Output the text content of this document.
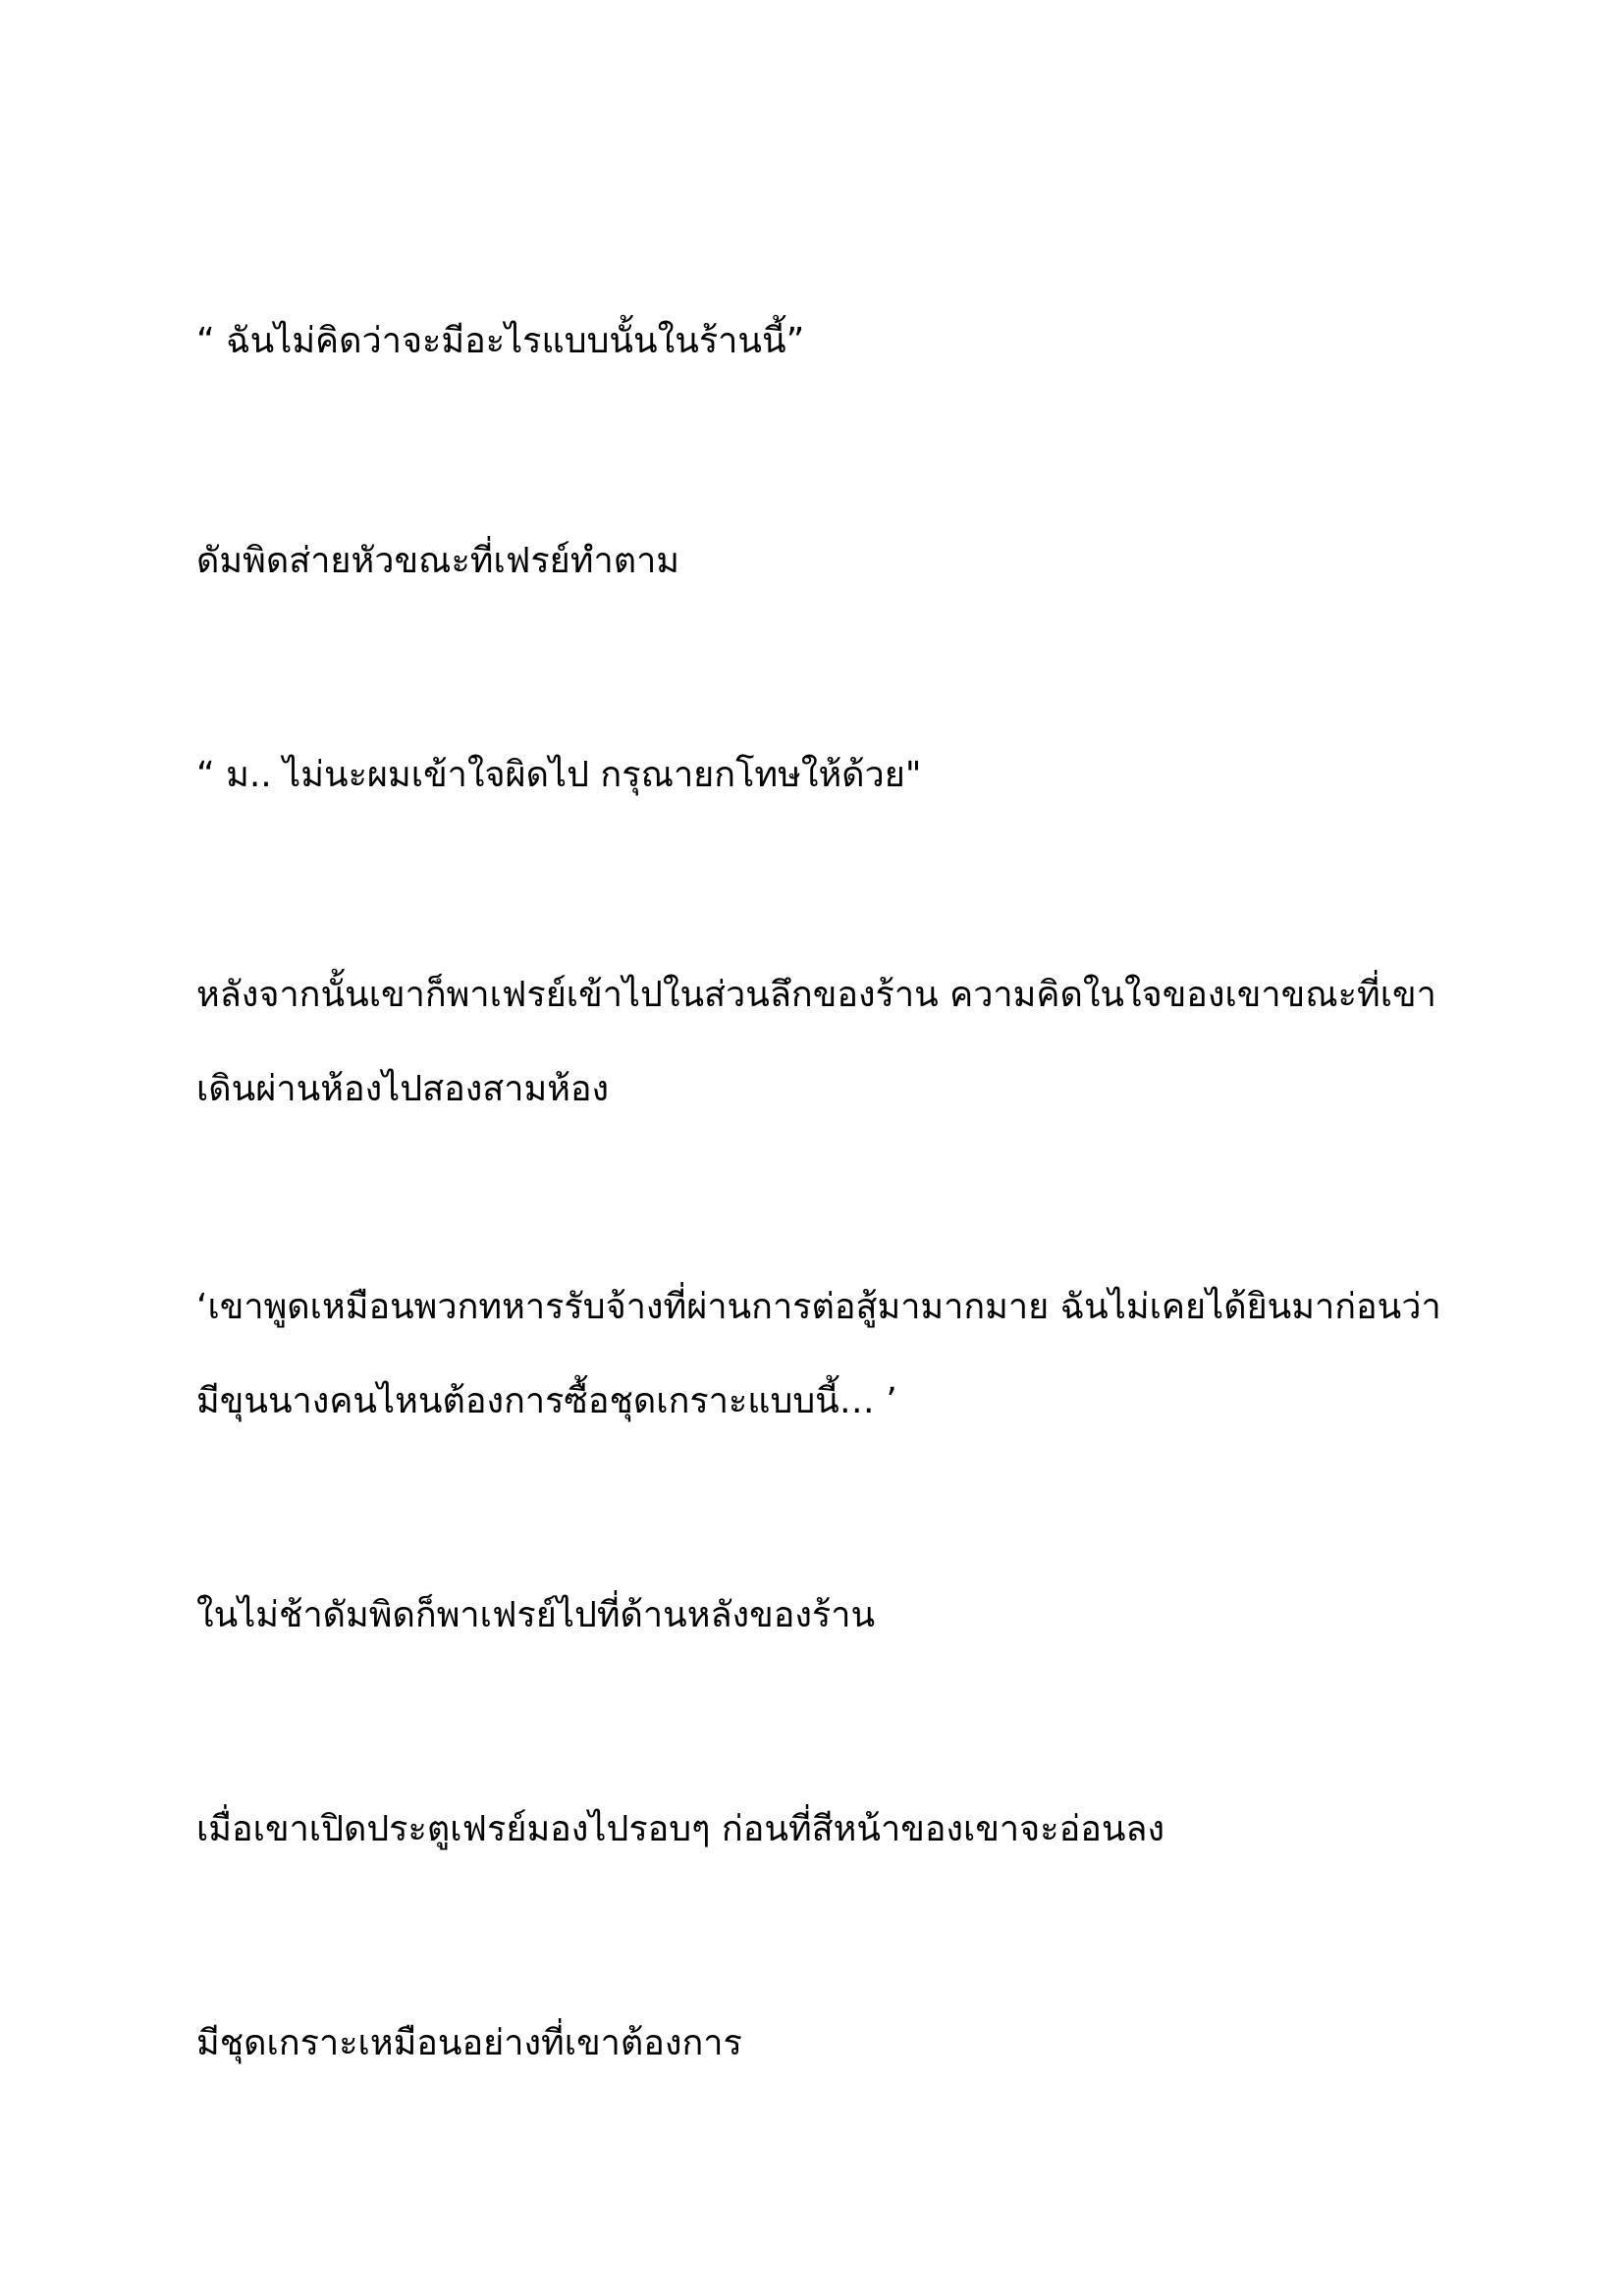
“ ฉันไม่คิดว่าจะมีอะไรแบบนั้นในร้านนี้”

ดัมพิดส่ายหัวขณะที่เฟรย์ทำตาม

“ ม.. ไม่นะผมเข้าใจผิดไป กรุณายกโทษให้ด้วย"

หลังจากนั้นเขาก็พาเฟรย์เข้าไปในส่วนลึกของร้าน ความคิดในใจของเขาขณะที่เขา
เดินผ่านห้องไปสองสามห้อง

‘เขาพูดเหมือนพวกทหารรับจ้างที่ผ่านการต่อสู้มามากมาย ฉันไม่เคยได้ยินมาก่อนว่า
มีขุนนางคนไหนต้องการซื้อชุดเกราะแบบนี้… ’

ในไม่ช้าดัมพิดก็พาเฟรย์ไปที่ด้านหลังของร้าน

เมื่อเขาเปิดประตูเฟรย์มองไปรอบๆ ก่อนที่สีหน้าของเขาจะอ่อนลง

มีชุดเกราะเหมือนอย่างที่เขาต้องการ
